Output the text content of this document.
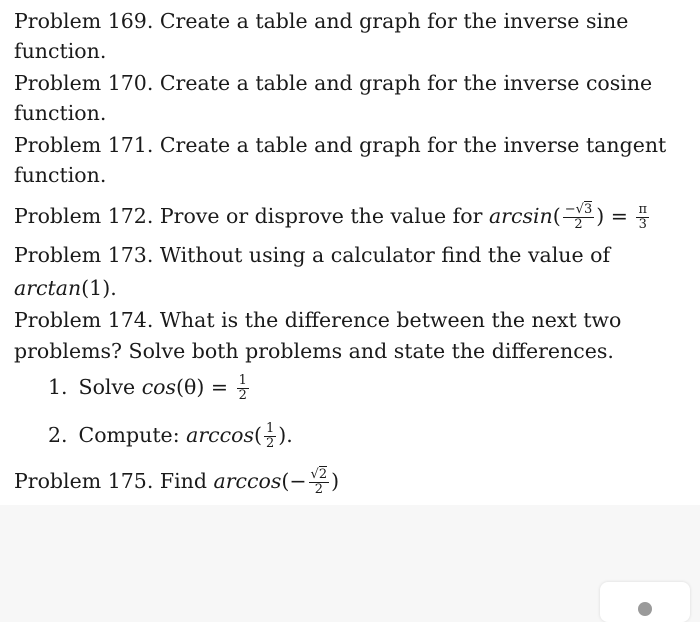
Problem 169. Create a table and graph for the inverse sine
function.
Problem 170. Create a table and graph for the inverse cosine
function.
Problem 171. Create a table and graph for the inverse tangent
function.
Problem 172. Prove or disprove the value for $\arcsin( \frac{-√3}{2}$ ) = $\frac{\pi}{3}$
Problem 173. Without using a calculator find the value of
arctan(1).
Problem 174. What is the difference between the next two
problems? Solve both problems and state the differences.
1. Solve $\cos(\theta) = \frac{1}{2}$
2. Compute: $\arccos( \frac{1}{2}$ ).
Problem 175. Find $\arccos(- \frac{√2}{2}$ )
